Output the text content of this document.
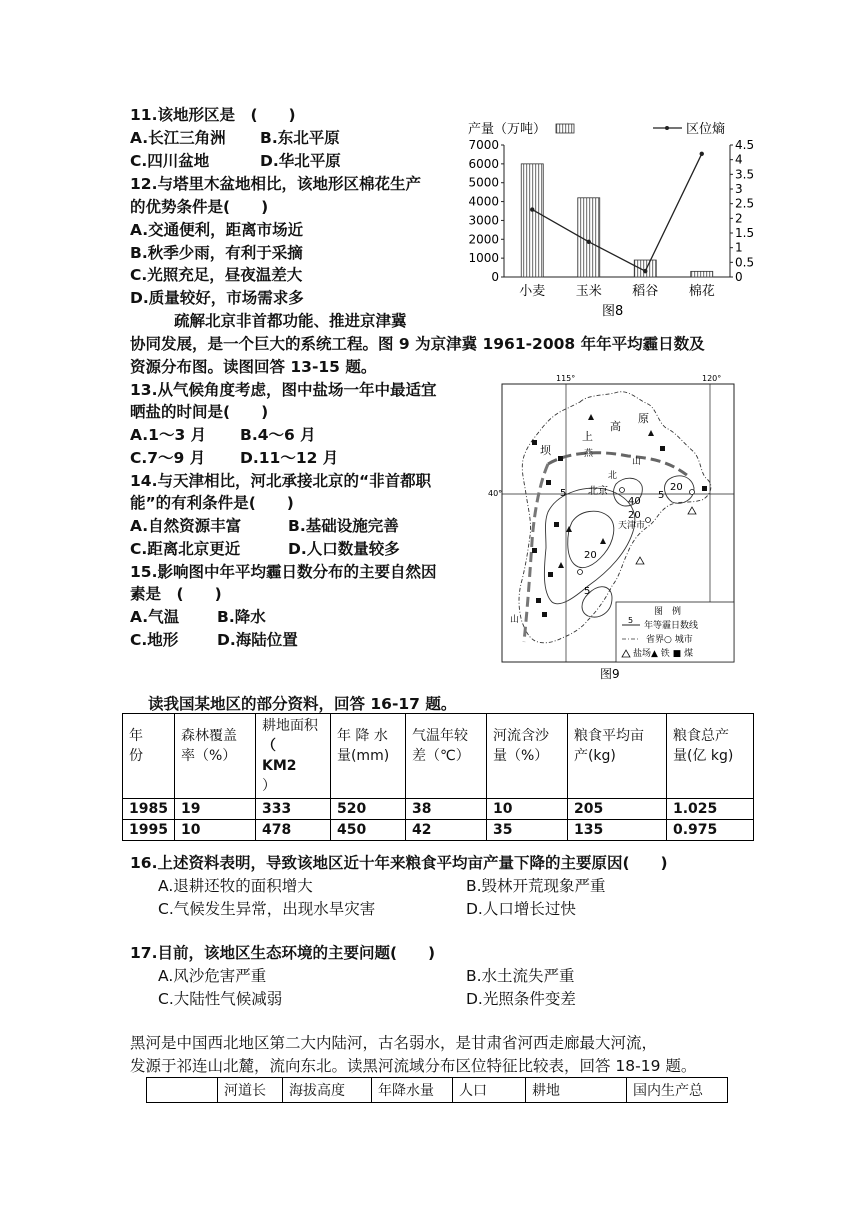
11.该地形区是　(　　)
A.长江三角洲 B.东北平原
C.四川盆地	D.华北平原
12.与塔里木盆地相比，该地形区棉花生产
的优势条件是(　　)
A.交通便利，距离市场近
B.秋季少雨，有利于采摘
C.光照充足，昼夜温差大
D.质量较好，市场需求多
产量（万吨）	区位熵
0
1000
2000
3000
4000
5000
6000
7000
0
0.5
1
1.5
2
2.5
3
3.5
4
4.5
小麦 玉米 稻谷 棉花
图8
疏解北京非首都功能、推进京津冀
协同发展，是一个巨大的系统工程。图 9 为京津冀 1961-2008 年年平均霾日数及
资源分布图。读图回答 13-15 题。
13.从气候角度考虑，图中盐场一年中最适宜
晒盐的时间是(　　)
A.1～3 月 B.4～6 月
C.7～9 月 D.11～12 月
14.与天津相比，河北承接北京的“非首都职
能”的有利条件是(　　)
A.自然资源丰富	B.基础设施完善
C.距离北京更近	D.人口数量较多
15.影响图中年平均霾日数分布的主要自然因
素是　(　　)
A.气温 B.降水
C.地形 D.海陆位置
115°	120°
40°
高
原
上
坝	燕
山
北
北京
天津市
山
20
5
5
20
40
20
5
图　例
5
年等霾日数线
省界○ 城市
盐场▲ 铁 ■ 煤
图9
读我国某地区的部分资料，回答 16-17 题。
年
份	森林覆盖
率（%）	耕地面积
（　KM2
）	年 降 水
量(mm)	气温年较
差（℃）	河流含沙
量（%）	粮食平均亩
产(kg)	粮食总产
量(亿 kg)
1985	19	333	520	38	10	205	1.025
1995	10	478	450	42	35	135	0.975
16.上述资料表明，导致该地区近十年来粮食平均亩产量下降的主要原因(　　)
A.退耕还牧的面积增大	B.毁林开荒现象严重
C.气候发生异常，出现水旱灾害	D.人口增长过快
17.目前，该地区生态环境的主要问题(　　)
A.风沙危害严重	B.水土流失严重
C.大陆性气候减弱	D.光照条件变差
黑河是中国西北地区第二大内陆河，古名弱水，是甘肃省河西走廊最大河流，
发源于祁连山北麓，流向东北。读黑河流域分布区位特征比较表，回答 18-19 题。
	河道长	海拔高度	年降水量	人口	耕地	国内生产总
